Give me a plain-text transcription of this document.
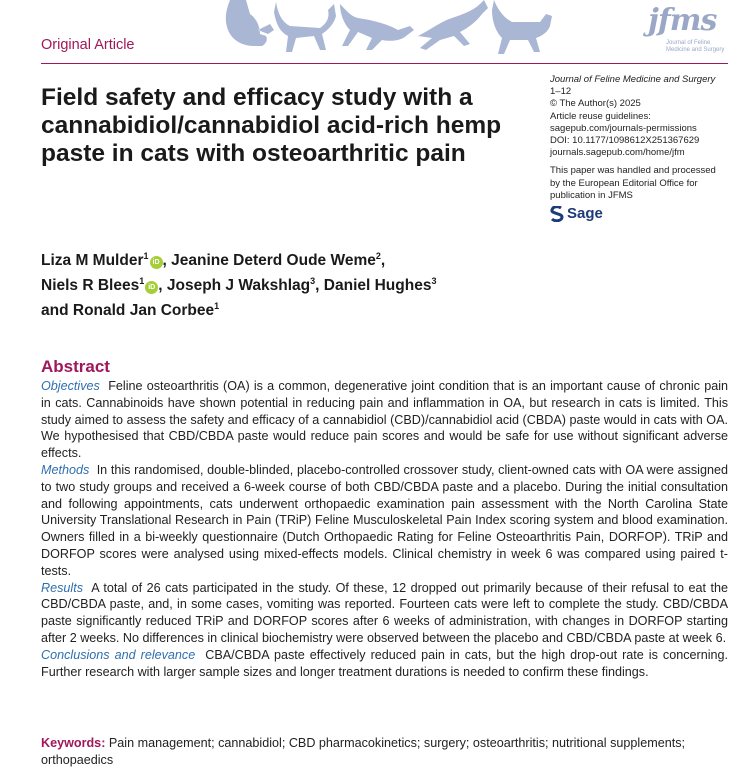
Original Article
jfms
Journal of Feline Medicine and Surgery
Field safety and efficacy study with a cannabidiol/cannabidiol acid-rich hemp paste in cats with osteoarthritic pain
Journal of Feline Medicine and Surgery
1–12
© The Author(s) 2025
Article reuse guidelines:
sagepub.com/journals-permissions
DOI: 10.1177/1098612X251367629
journals.sagepub.com/home/jfm
This paper was handled and processed by the European Editorial Office for publication in JFMS
Sage
Liza M Mulder$^1$iD , Jeanine Deterd Oude Weme$^2$,
Niels R Blees$^1$iD , Joseph J Wakshlag$^3$, Daniel Hughes$^3$
and Ronald Jan Corbee$^1$
Abstract

Objectives Feline osteoarthritis (OA) is a common, degenerative joint condition that is an important cause of chronic pain in cats. Cannabinoids have shown potential in reducing pain and inflammation in OA, but research in cats is limited. This study aimed to assess the safety and efficacy of a cannabidiol (CBD)/cannabidiol acid (CBDA) paste would in cats with OA. We hypothesised that CBD/CBDA paste would reduce pain scores and would be safe for use without significant adverse effects.

Methods In this randomised, double-blinded, placebo-controlled crossover study, client-owned cats with OA were assigned to two study groups and received a 6-week course of both CBD/CBDA paste and a placebo. During the initial consultation and following appointments, cats underwent orthopaedic examination pain assessment with the North Carolina State University Translational Research in Pain (TRiP) Feline Musculoskeletal Pain Index scoring system and blood examination. Owners filled in a bi-weekly questionnaire (Dutch Orthopaedic Rating for Feline Osteoarthritis Pain, DORFOP). TRiP and DORFOP scores were analysed using mixed-effects models. Clinical chemistry in week 6 was compared using paired t-tests.

Results A total of 26 cats participated in the study. Of these, 12 dropped out primarily because of their refusal to eat the CBD/CBDA paste, and, in some cases, vomiting was reported. Fourteen cats were left to complete the study. CBD/CBDA paste significantly reduced TRiP and DORFOP scores after 6 weeks of administration, with changes in DORFOP starting after 2 weeks. No differences in clinical biochemistry were observed between the placebo and CBD/CBDA paste at week 6.

Conclusions and relevance CBA/CBDA paste effectively reduced pain in cats, but the high drop-out rate is concerning. Further research with larger sample sizes and longer treatment durations is needed to confirm these findings.

Keywords: Pain management; cannabidiol; CBD pharmacokinetics; surgery; osteoarthritis; nutritional supplements; orthopaedics
